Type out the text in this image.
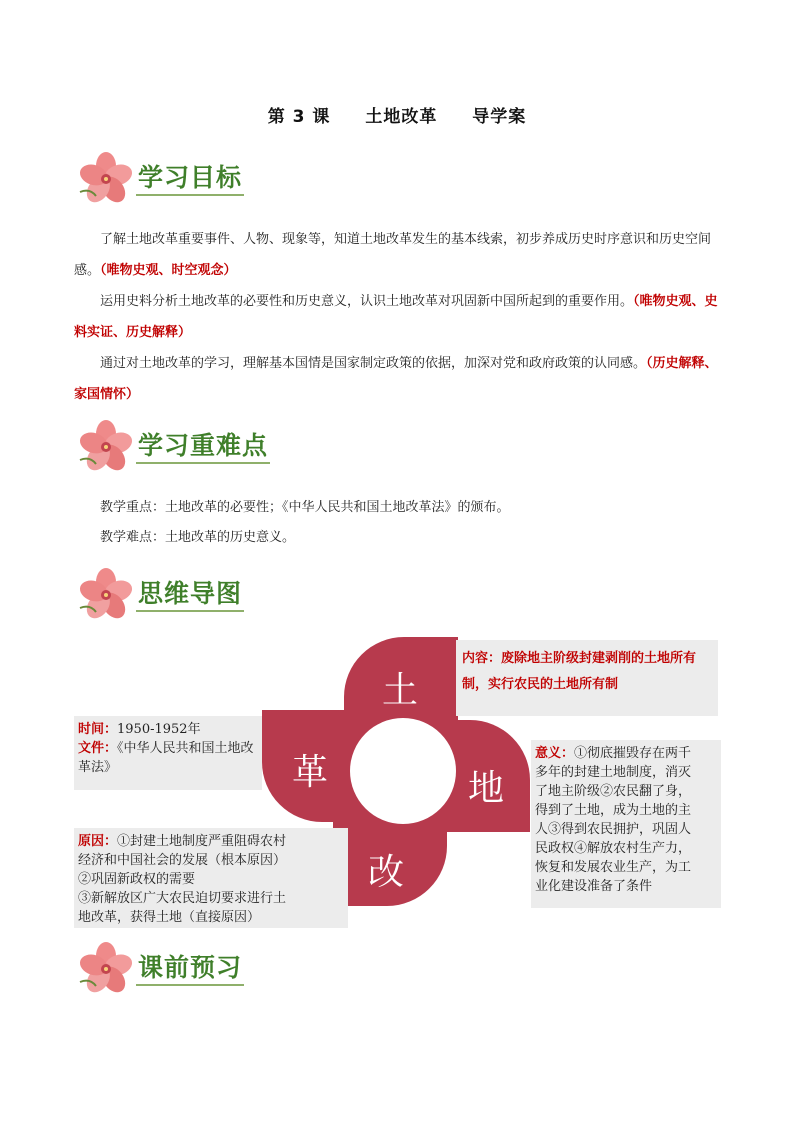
第 3 课 土地改革 导学案
学习目标
了解土地改革重要事件、人物、现象等，知道土地改革发生的基本线索，初步养成历史时序意识和历史空间感。（唯物史观、时空观念）
运用史料分析土地改革的必要性和历史意义，认识土地改革对巩固新中国所起到的重要作用。（唯物史观、史料实证、历史解释）
通过对土地改革的学习，理解基本国情是国家制定政策的依据，加深对党和政府政策的认同感。（历史解释、家国情怀）
学习重难点
教学重点：土地改革的必要性；《中华人民共和国土地改革法》的颁布。
教学难点：土地改革的历史意义。
思维导图
土
地
改
革
内容：废除地主阶级封建剥削的土地所有制，实行农民的土地所有制
时间：1950-1952年
文件：《中华人民共和国土地改革法》
意义：①彻底摧毁存在两千
多年的封建土地制度，消灭
了地主阶级②农民翻了身，
得到了土地，成为土地的主
人③得到农民拥护，巩固人
民政权④解放农村生产力，
恢复和发展农业生产，为工
业化建设准备了条件
原因：①封建土地制度严重阻碍农村
经济和中国社会的发展（根本原因）
②巩固新政权的需要
③新解放区广大农民迫切要求进行土
地改革，获得土地（直接原因）
课前预习
